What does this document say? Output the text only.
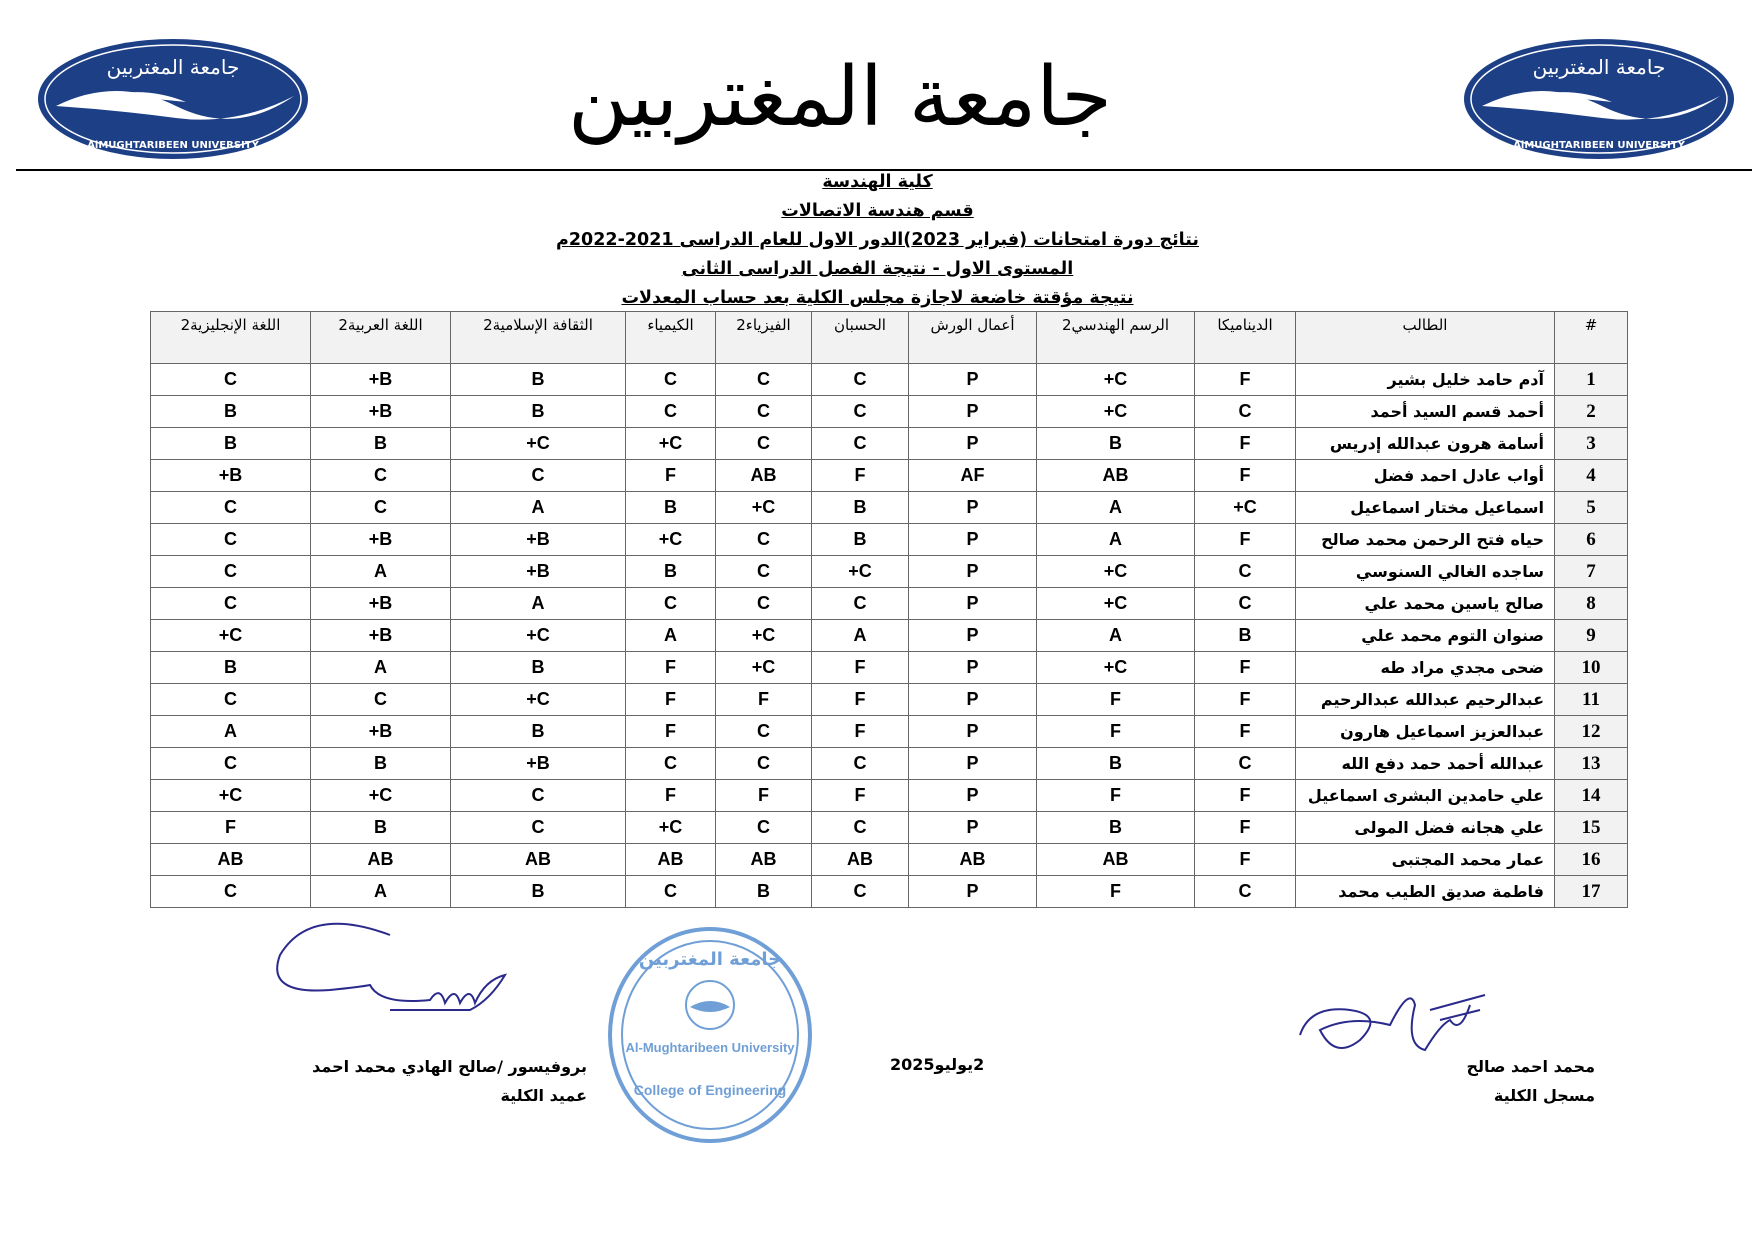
جامعة المغتربين
AlMUGHTARIBEEN UNIVERSITY
جامعة المغتربين	جامعة المغتربين
AlMUGHTARIBEEN UNIVERSITY
كلية الهندسة
قسم هندسة الاتصالات
نتائج دورة امتحانات (فبراير 2023)الدور الاول للعام الدراسى 2021-2022م
المستوى الاول - نتيجة الفصل الدراسى الثانى
نتيجة مؤقتة خاضعة لاجازة مجلس الكلية بعد حساب المعدلات
#	الطالب	الديناميكا	الرسم الهندسي2	أعمال الورش	الحسبان	الفيزياء2	الكيمياء	الثقافة الإسلامية2	اللغة العربية2	اللغة الإنجليزية2
1	آدم حامد خليل بشير	F	C+	P	C	C	C	B	B+	C
2	أحمد قسم السيد أحمد	C	C+	P	C	C	C	B	B+	B
3	أسامة هرون عبدالله إدريس	F	B	P	C	C	C+	C+	B	B
4	أواب عادل احمد فضل	F	AB	AF	F	AB	F	C	C	B+
5	اسماعيل مختار اسماعيل	C+	A	P	B	C+	B	A	C	C
6	حياه فتح الرحمن محمد صالح	F	A	P	B	C	C+	B+	B+	C
7	ساجده الغالي السنوسي	C	C+	P	C+	C	B	B+	A	C
8	صالح ياسين محمد علي	C	C+	P	C	C	C	A	B+	C
9	صنوان التوم محمد علي	B	A	P	A	C+	A	C+	B+	C+
10	ضحى مجدي مراد طه	F	C+	P	F	C+	F	B	A	B
11	عبدالرحيم عبدالله عبدالرحيم	F	F	P	F	F	F	C+	C	C
12	عبدالعزيز اسماعيل هارون	F	F	P	F	C	F	B	B+	A
13	عبدالله أحمد حمد دفع الله	C	B	P	C	C	C	B+	B	C
14	علي حامدين البشرى اسماعيل	F	F	P	F	F	F	C	C+	C+
15	علي هجانه فضل المولى	F	B	P	C	C	C+	C	B	F
16	عمار محمد المجتبى	F	AB	AB	AB	AB	AB	AB	AB	AB
17	فاطمة صديق الطيب محمد	C	F	P	C	B	C	B	A	C
محمد احمد صالح
مسجل الكلية
جامعة المغتربين
Al-Mughtaribeen University
College of Engineering
2يوليو2025
بروفيسور /صالح الهادي محمد احمد
عميد الكلية
